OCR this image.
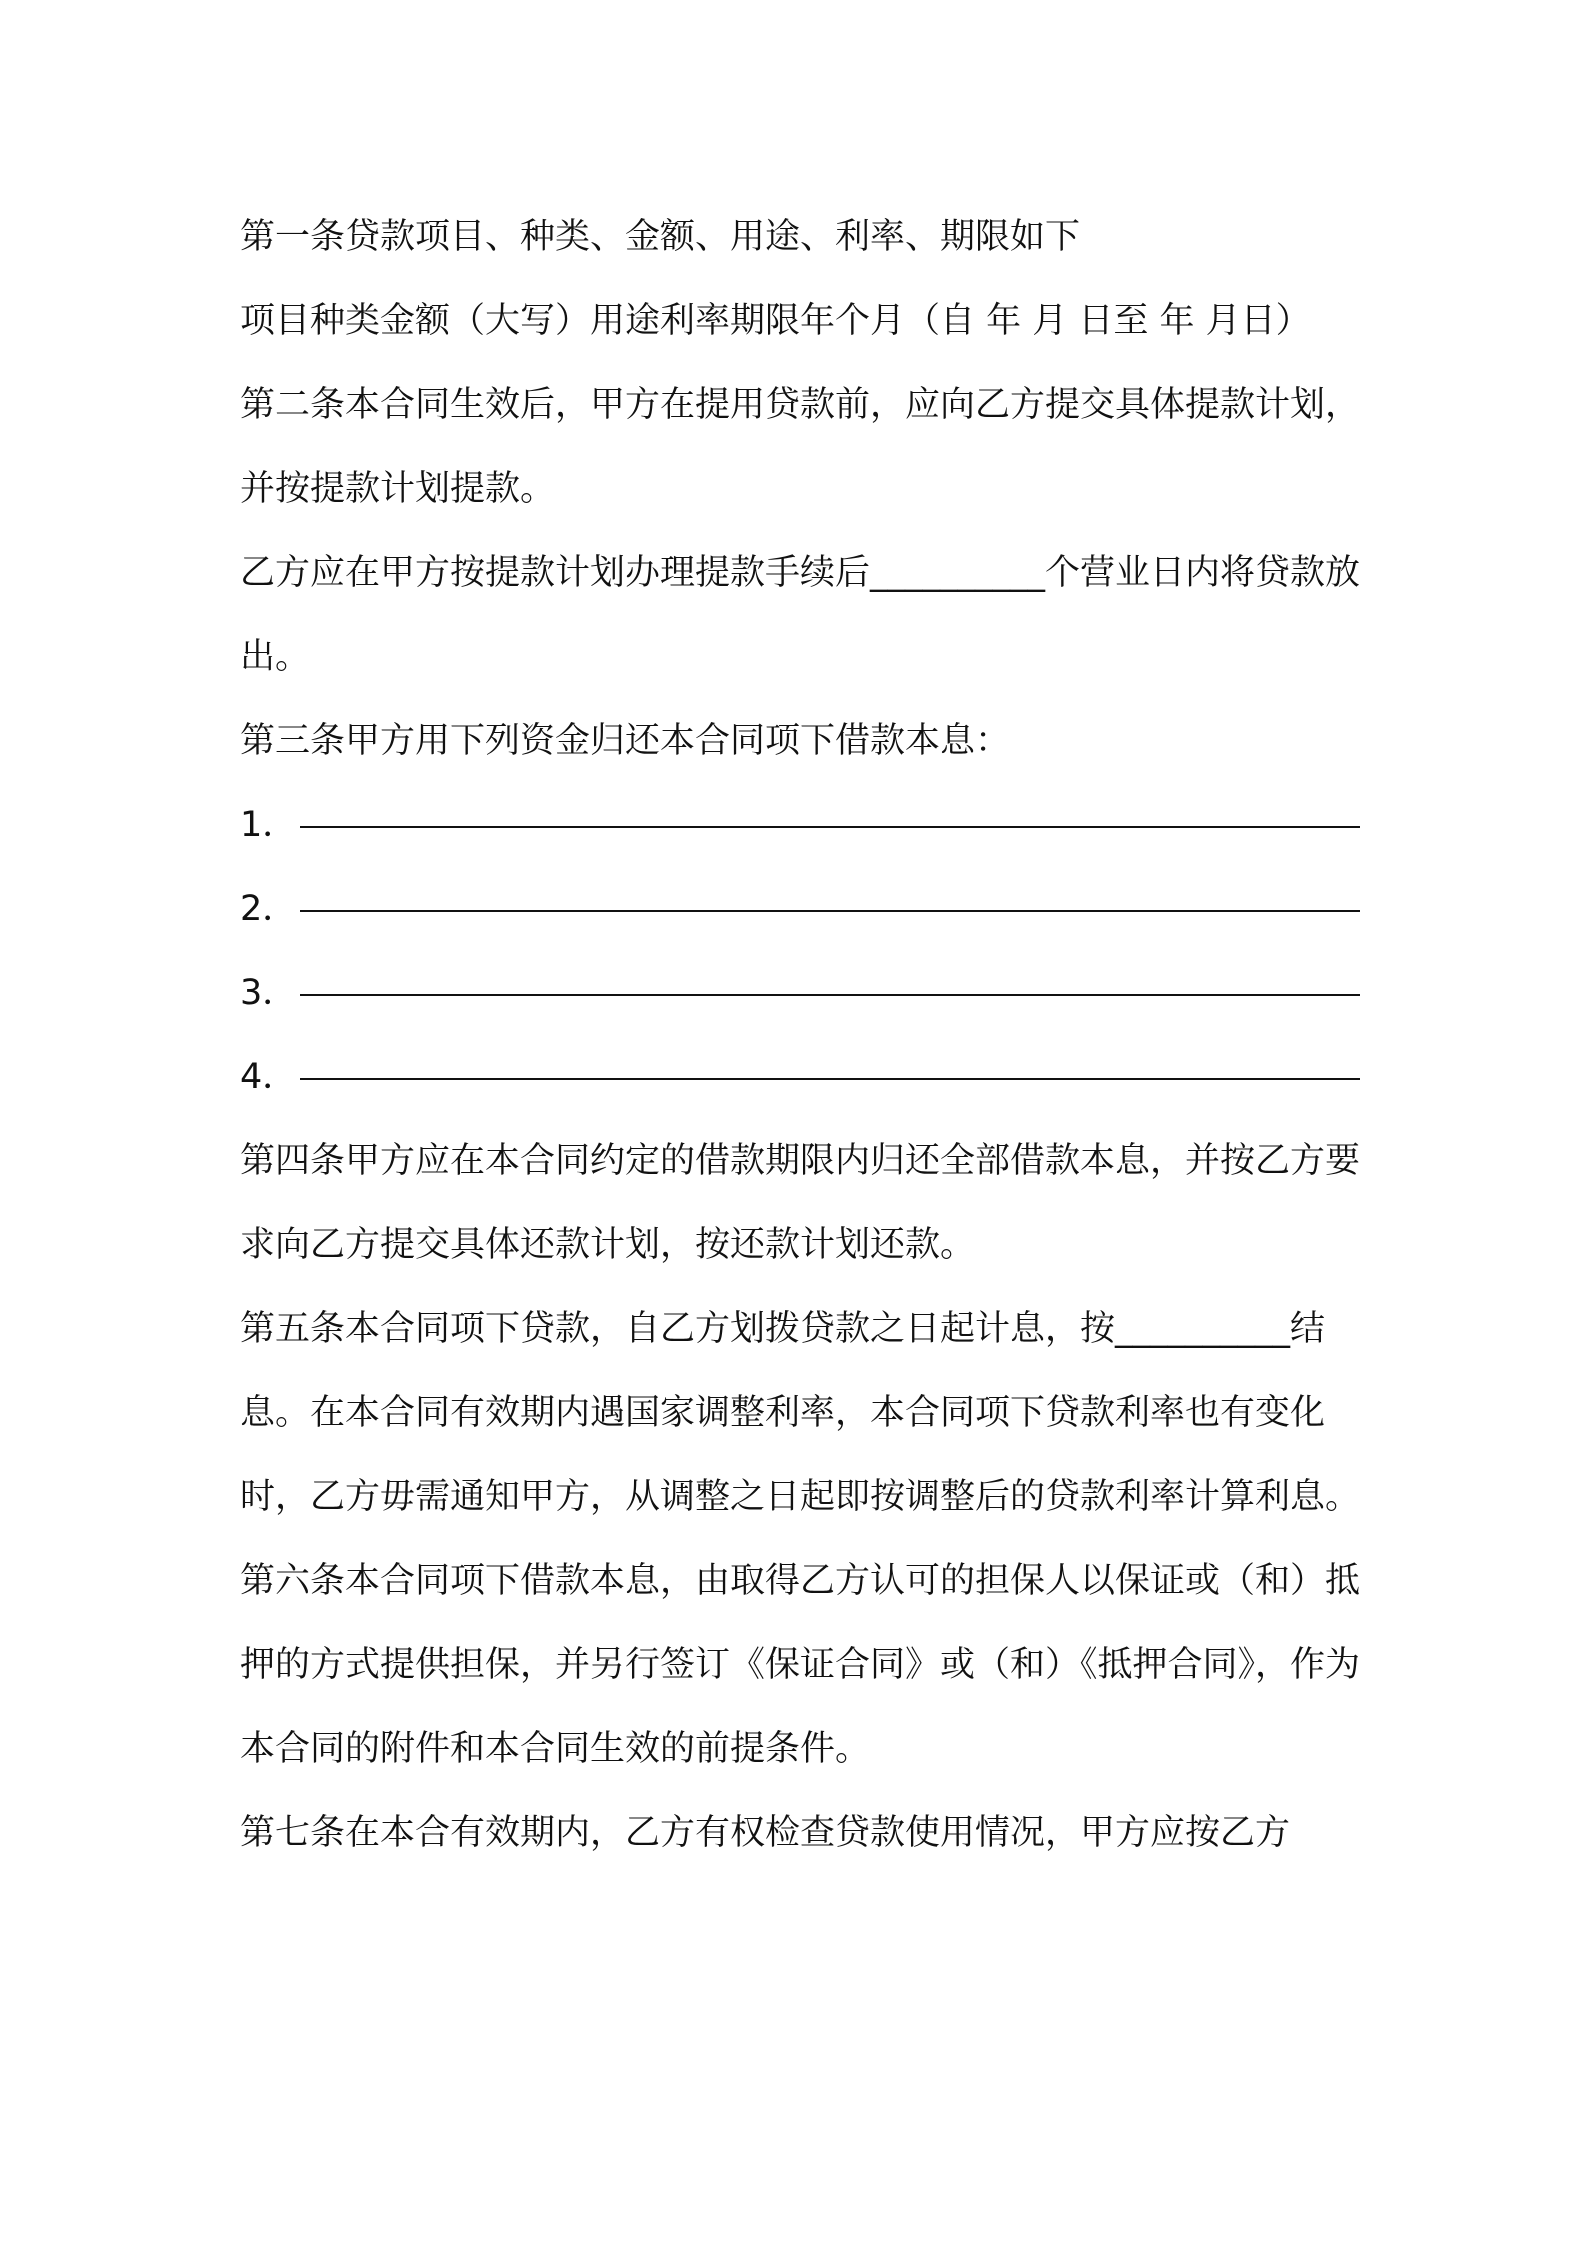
第一条贷款项目、种类、金额、用途、利率、期限如下

项目种类金额（大写）用途利率期限年个月（自 年 月 日至 年 月日）

第二条本合同生效后，甲方在提用贷款前，应向乙方提交具体提款计划，并按提款计划提款。

乙方应在甲方按提款计划办理提款手续后__________个营业日内将贷款放出。

第三条甲方用下列资金归还本合同项下借款本息：

1．
2．
3．
4．

第四条甲方应在本合同约定的借款期限内归还全部借款本息，并按乙方要求向乙方提交具体还款计划，按还款计划还款。

第五条本合同项下贷款，自乙方划拨贷款之日起计息，按__________结息。在本合同有效期内遇国家调整利率，本合同项下贷款利率也有变化时，乙方毋需通知甲方，从调整之日起即按调整后的贷款利率计算利息。

第六条本合同项下借款本息，由取得乙方认可的担保人以保证或（和）抵押的方式提供担保，并另行签订《保证合同》或（和）《抵押合同》，作为本合同的附件和本合同生效的前提条件。

第七条在本合有效期内，乙方有权检查贷款使用情况，甲方应按乙方
